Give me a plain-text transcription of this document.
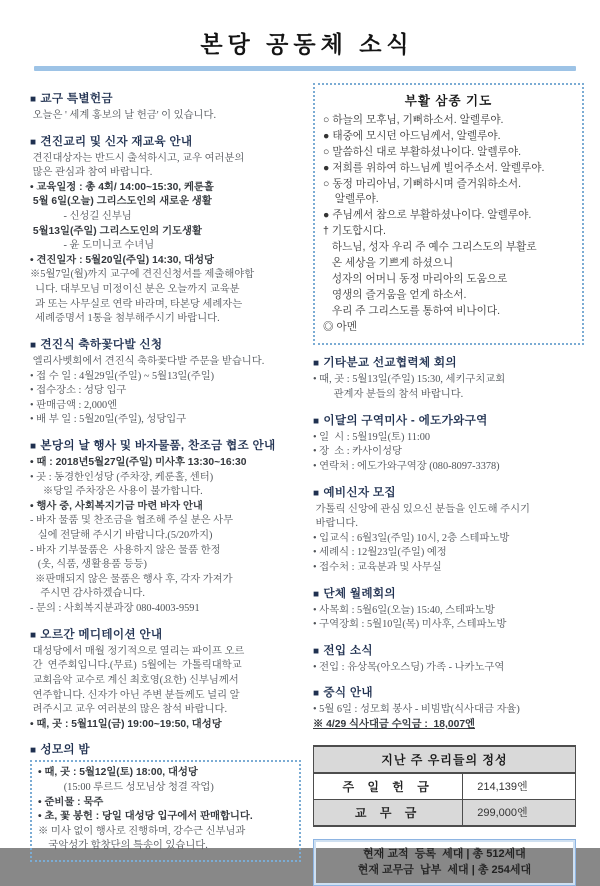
본당 공동체 소식
■ 교구 특별헌금
오늘은 ' 세계 홍보의 날 헌금' 이 있습니다.
■ 견진교리 및 신자 재교육 안내
견진대상자는 반드시 출석하시고, 교우 여러분의
많은 관심과 참여 바랍니다.
• 교육일정 : 총 4회/ 14:00~15:30, 케룬홀
5월 6일(오늘) 그리스도인의 새로운 생활
- 신성길 신부님
5월13일(주일) 그리스도인의 기도생활
- 윤 도미니코 수녀님
• 견진일자 : 5월20일(주일) 14:30, 대성당
※5월7일(월)까지 교구에 견진신청서를 제출해야합
니다. 대부모님 미정이신 분은 오늘까지 교육분
과 또는 사무실로 연락 바라며, 타본당 세례자는
세례증명서 1통을 첨부해주시기 바랍니다.
■ 견진식 축하꽃다발 신청
엘리사벳회에서 견진식 축하꽃다발 주문을 받습니다.
• 접 수 일 : 4월29일(주일) ~ 5월13일(주일)
• 접수장소 : 성당 입구
• 판매금액 : 2,000엔
• 배 부 일 : 5월20일(주일), 성당입구
■ 본당의 날 행사 및 바자물품, 찬조금 협조 안내
• 때 : 2018년5월27일(주일) 미사후 13:30~16:30
• 곳 : 동경한인성당 (주차장, 케룬홀, 센터)
※당일 주차장은 사용이 불가합니다.
• 행사 중, 사회복지기금 마련 바자 안내
- 바자 물품 및 찬조금을 협조해 주실 분은 사무
실에 전달해 주시기 바랍니다.(5/20까지)
- 바자 기부물품은  사용하지 않은 물품 한정
(옷, 식품, 생활용품 등등)
※판매되지 않은 물품은 행사 후, 각자 가져가
주시면 감사하겠습니다.
- 문의 : 사회복지분과장 080-4003-9591
■ 오르간 메디테이션 안내
대성당에서 매월 정기적으로 열리는 파이프 오르
간  연주회입니다.(무료)  5월에는  가톨릭대학교
교회음악 교수로 계신 최호영(요한) 신부님께서
연주합니다. 신자가 아닌 주변 분들께도 널리 알
려주시고 교우 여러분의 많은 참석 바랍니다.
• 때, 곳 : 5월11일(금) 19:00~19:50, 대성당
■ 성모의 밤
• 때, 곳 : 5월12일(토) 18:00, 대성당
(15:00 루르드 성모님상 청결 작업)
• 준비물 : 묵주
• 초, 꽃 봉헌 : 당일 대성당 입구에서 판매합니다.
※ 미사 없이 행사로 진행하며, 강수근 신부님과
국악성가 합창단의 특송이 있습니다.
부활 삼종 기도
○ 하늘의 모후님, 기뻐하소서. 알렐루야.
● 태중에 모시던 아드님께서, 알렐루야.
○ 말씀하신 대로 부활하셨나이다. 알렐루야.
● 저희를 위하여 하느님께 빌어주소서. 알렐루야.
○ 동정 마리아님, 기뻐하시며 즐거워하소서.
알렐루야.
● 주님께서 참으로 부활하셨나이다. 알렐루야.
† 기도합시다.
하느님, 성자 우리 주 예수 그리스도의 부활로
온 세상을 기쁘게 하셨으니
성자의 어머니 동정 마리아의 도움으로
영생의 즐거움을 얻게 하소서.
우리 주 그리스도를 통하여 비나이다.
◎ 아멘
■ 기타분교 선교협력체 회의
• 때, 곳 : 5월13일(주일) 15:30, 세키구치교회
관계자 분들의 참석 바랍니다.
■ 이달의 구역미사 - 에도가와구역
• 일  시 : 5월19일(토) 11:00
• 장  소 : 카사이성당
• 연락처 : 에도가와구역장 (080-8097-3378)
■ 예비신자 모집
가톨릭 신앙에 관심 있으신 분들을 인도해 주시기
바랍니다.
• 입교식 : 6월3일(주일) 10시, 2층 스테파노방
• 세례식 : 12월23일(주일) 예정
• 접수처 : 교육분과 및 사무실
■ 단체 월례회의
• 사목회 : 5월6일(오늘) 15:40, 스테파노방
• 구역장회 : 5월10일(목) 미사후, 스테파노방
■ 전입 소식
• 전입 : 유상목(아오스딩) 가족 - 나카노구역
■ 중식 안내
• 5월 6일 : 성모회 봉사 - 비빔밥(식사대금 자율)
※ 4/29 식사대금 수익금 :  18,007엔
지난 주 우리들의 정성	
주 일 헌 금	214,139엔
교 무 금	299,000엔
현재 교적  등록  세대 | 총 512세대
현재 교무금  납부  세대 | 총 254세대
